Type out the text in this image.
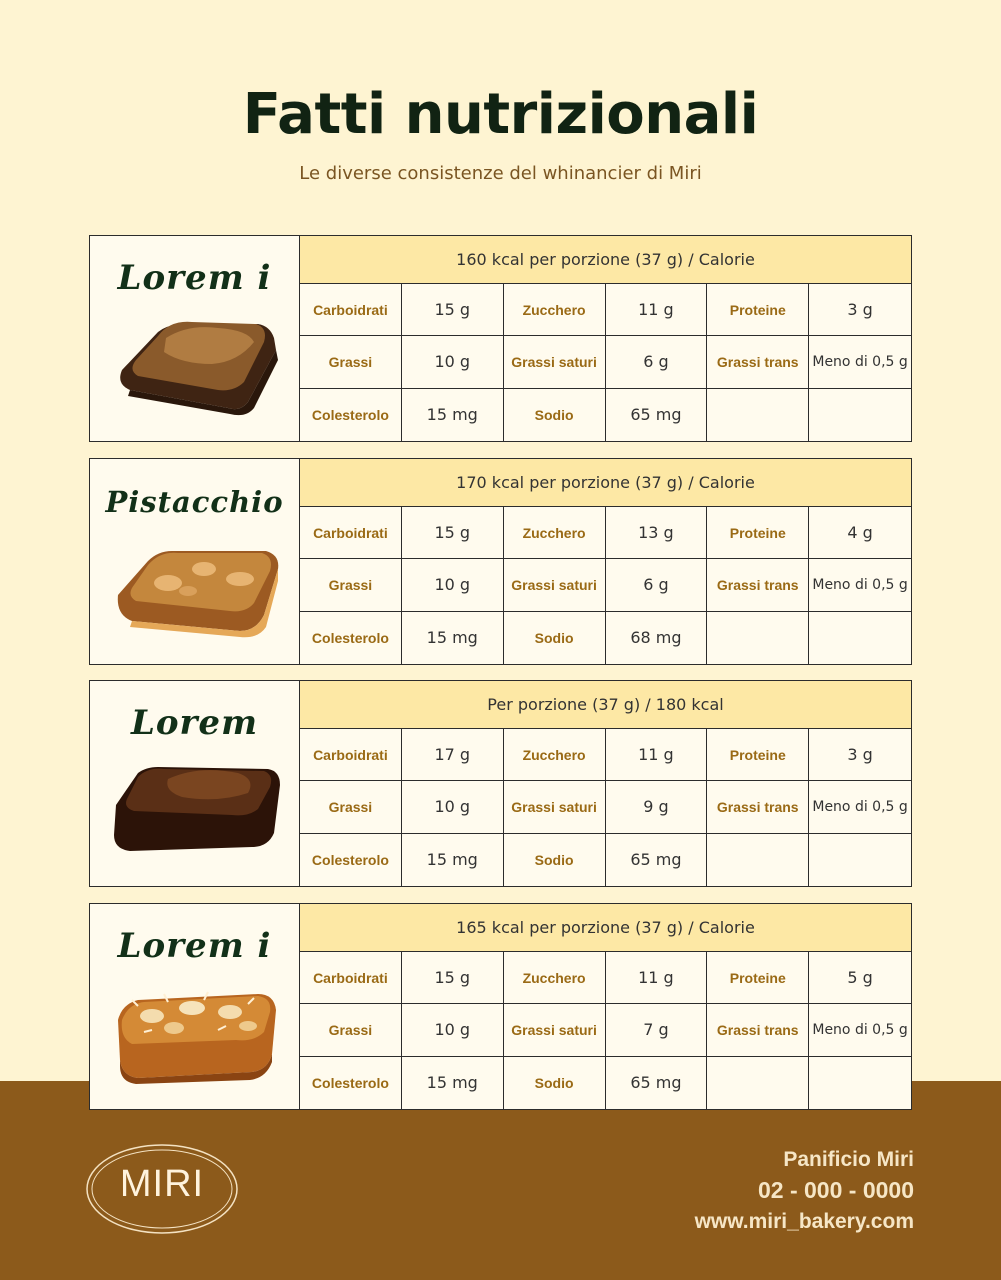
Fatti nutrizionali
Le diverse consistenze del whinancier di Miri
Lorem i	160 kcal per porzione (37 g) / Calorie
Carboidrati	15 g	Zucchero	11 g	Proteine	3 g
Grassi	10 g	Grassi saturi	6 g	Grassi trans Meno di 0,5 g
Colesterolo	15 mg	Sodio	65 mg
Pistacchio
170 kcal per porzione (37 g) / Calorie
Carboidrati	15 g	Zucchero	13 g	Proteine	4 g
Grassi	10 g	Grassi saturi	6 g	Grassi trans Meno di 0,5 g
Colesterolo	15 mg	Sodio	68 mg
Lorem	Per porzione (37 g) / 180 kcal
Carboidrati	17 g	Zucchero	11 g	Proteine	3 g
Grassi	10 g	Grassi saturi	9 g	Grassi trans Meno di 0,5 g
Colesterolo	15 mg	Sodio	65 mg
Lorem i	165 kcal per porzione (37 g) / Calorie
Carboidrati	15 g	Zucchero	11 g	Proteine	5 g
Grassi	10 g	Grassi saturi	7 g	Grassi trans Meno di 0,5 g
Colesterolo	15 mg	Sodio	65 mg
MIRI
Panificio Miri
02 - 000 - 0000
www.miri_bakery.com
